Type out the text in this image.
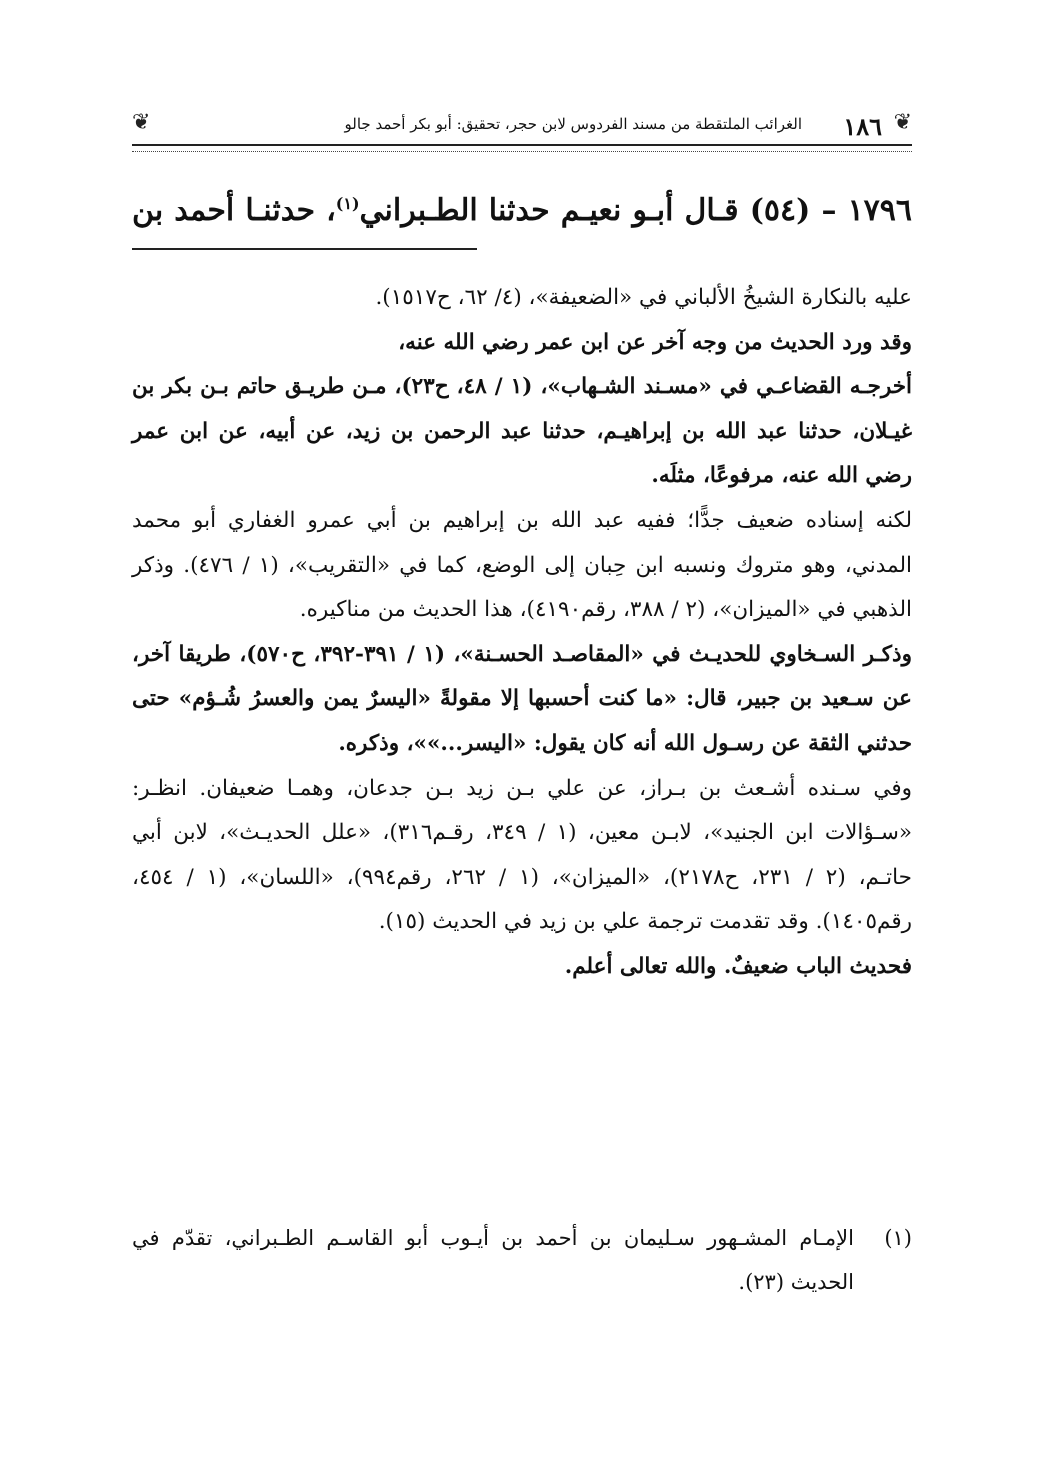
❦
١٨٦
الغرائب الملتقطة من مسند الفردوس لابن حجر، تحقيق: أبو بكر أحمد جالو
❦
١٧٩٦ – (٥٤) قـال أبـو نعيـم حدثنا الطـبراني$^{(١)}$، حدثنـا أحمد بن

عليه بالنكارة الشيخُ الألباني في «الضعيفة»، (٤/ ٦٢، ح١٥١٧).

وقد ورد الحديث من وجه آخر عن ابن عمر رضي الله عنه،

أخرجـه القضاعـي في «مسـند الشـهاب»، (١ / ٤٨، ح٢٣)، مـن طريـق حاتم بـن بكر بن غيـلان، حدثنا عبد الله بن إبراهيـم، حدثنا عبد الرحمن بن زيد، عن أبيه، عن ابن عمر رضي الله عنه، مرفوعًا، مثلَه.

لكنه إسناده ضعيف جدًّا؛ ففيه عبد الله بن إبراهيم بن أبي عمرو الغفاري أبو محمد المدني، وهو متروك ونسبه ابن حِبان إلى الوضع، كما في «التقريب»، (١ / ٤٧٦). وذكر الذهبي في «الميزان»، (٢ / ٣٨٨، رقم٤١٩٠)، هذا الحديث من مناكيره.

وذكـر السـخاوي للحديـث في «المقاصـد الحسـنة»، (١ / ٣٩١-٣٩٢، ح٥٧٠)، طريقا آخر، عن سـعيد بن جبير، قال: «ما كنت أحسبها إلا مقولةً «اليسرٌ يمن والعسرُ شُـؤم» حتى حدثني الثقة عن رسـول الله أنه كان يقول: «اليسر...»»، وذكره.

وفي سـنده أشـعث بن بـراز، عن علي بـن زيد بـن جدعان، وهمـا ضعيفان. انظـر: «سـؤالات ابن الجنيد»، لابـن معين، (١ / ٣٤٩، رقـم٣١٦)، «علل الحديـث»، لابن أبي حاتـم، (٢ / ٢٣١، ح٢١٧٨)، «الميزان»، (١ / ٢٦٢، رقم٩٩٤)، «اللسان»، (١ / ٤٥٤، رقم١٤٠٥). وقد تقدمت ترجمة علي بن زيد في الحديث (١٥).

فحديث الباب ضعيفٌ. والله تعالى أعلم.

(١)
الإمـام المشـهور سـليمان بن أحمد بن أيـوب أبو القاسـم الطـبراني، تقدّم في الحديث (٢٣).
